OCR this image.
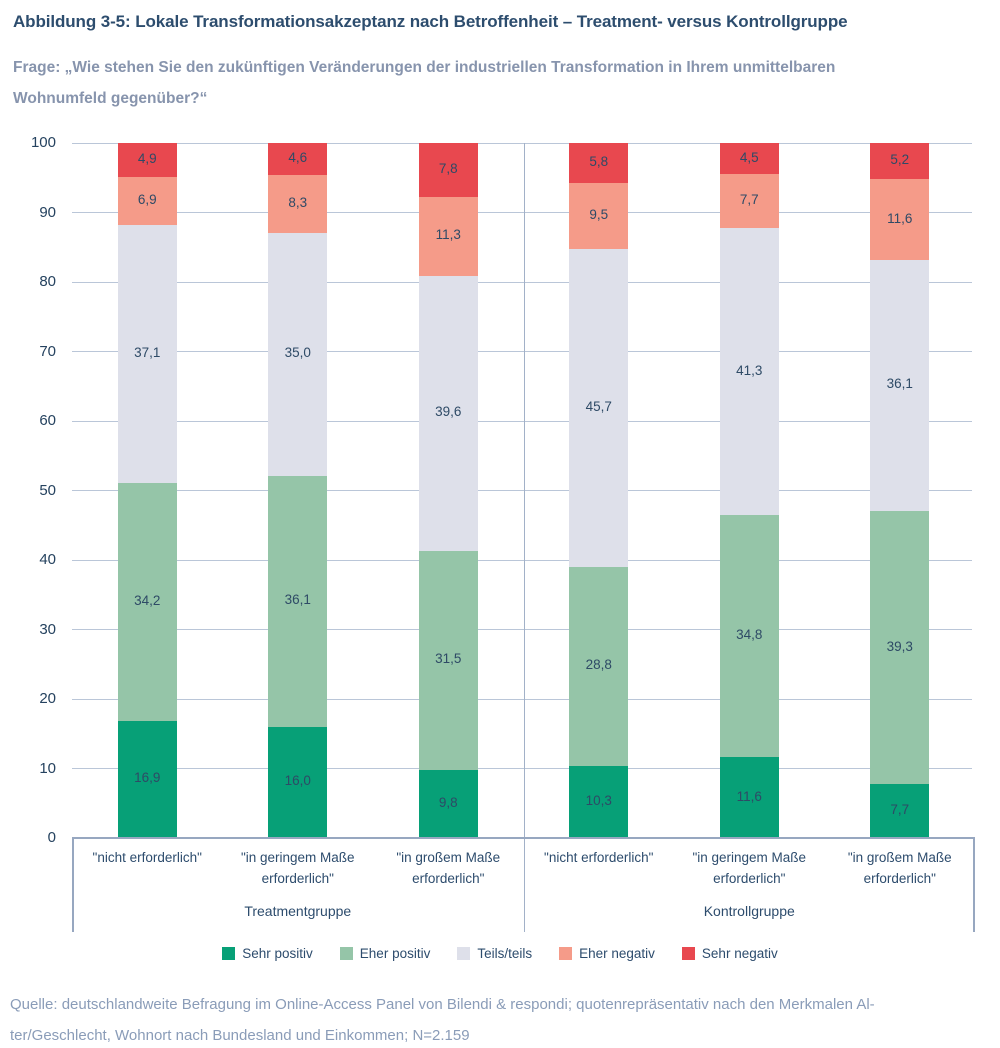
Abbildung 3-5: Lokale Transformationsakzeptanz nach Betroffenheit – Treatment- versus Kontrollgruppe
Frage: „Wie stehen Sie den zukünftigen Veränderungen der industriellen Transformation in Ihrem unmittelbaren
Wohnumfeld gegenüber?“
0
10
20
30
40
50
60
70
80
90
100
16,9
34,2
37,1
6,9
4,9
16,0
36,1
35,0
8,3
4,6
9,8
31,5
39,6
11,3
7,8
10,3
28,8
45,7
9,5
5,8
11,6
34,8
41,3
7,7
4,5
7,7
39,3
36,1
11,6
5,2
"nicht erforderlich"	"in geringem Maße erforderlich"
"in großem Maße erforderlich"
Treatmentgruppe
"nicht erforderlich"	"in geringem Maße erforderlich"
"in großem Maße erforderlich"
Kontrollgruppe
Sehr positiv	Eher positiv	Teils/teils	Eher negativ	Sehr negativ
Quelle: deutschlandweite Befragung im Online-Access Panel von Bilendi & respondi; quotenrepräsentativ nach den Merkmalen Al-
ter/Geschlecht, Wohnort nach Bundesland und Einkommen; N=2.159
